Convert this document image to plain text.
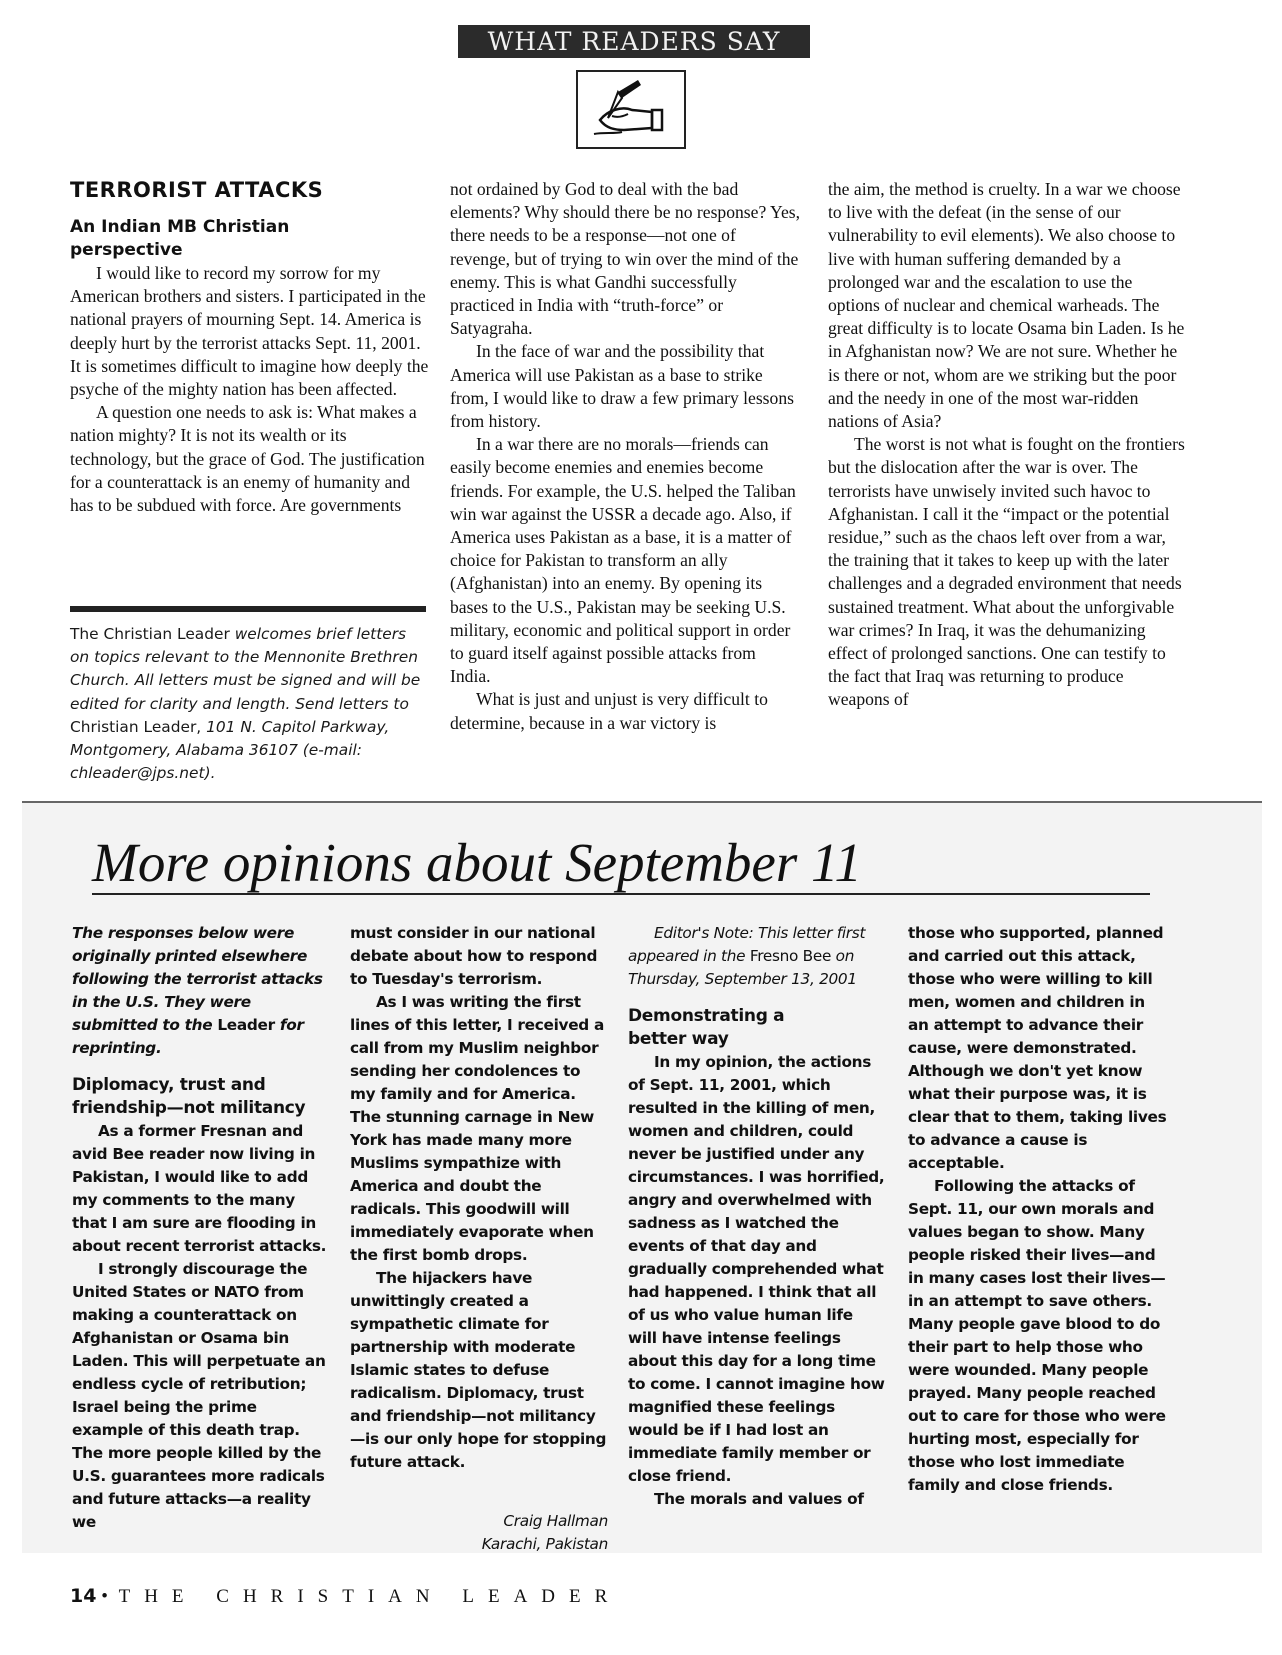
WHAT READERS SAY
TERRORIST ATTACKS
An Indian MB Christian perspective

I would like to record my sorrow for my American brothers and sisters. I participated in the national prayers of mourning Sept. 14. America is deeply hurt by the terrorist attacks Sept. 11, 2001. It is sometimes difficult to imagine how deeply the psyche of the mighty nation has been affected.

A question one needs to ask is: What makes a nation mighty? It is not its wealth or its technology, but the grace of God. The justification for a counterattack is an enemy of humanity and has to be subdued with force. Are governments

The Christian Leader welcomes brief letters on topics relevant to the Mennonite Brethren Church. All letters must be signed and will be edited for clarity and length. Send letters to Christian Leader, 101 N. Capitol Parkway, Montgomery, Alabama 36107 (e-mail: chleader@jps.net).

not ordained by God to deal with the bad elements? Why should there be no response? Yes, there needs to be a response—not one of revenge, but of trying to win over the mind of the enemy. This is what Gandhi successfully practiced in India with “truth-force” or Satyagraha.

In the face of war and the possibility that America will use Pakistan as a base to strike from, I would like to draw a few primary lessons from history.

In a war there are no morals—friends can easily become enemies and enemies become friends. For example, the U.S. helped the Taliban win war against the USSR a decade ago. Also, if America uses Pakistan as a base, it is a matter of choice for Pakistan to transform an ally (Afghanistan) into an enemy. By opening its bases to the U.S., Pakistan may be seeking U.S. military, economic and political support in order to guard itself against possible attacks from India.

What is just and unjust is very difficult to determine, because in a war victory is

the aim, the method is cruelty. In a war we choose to live with the defeat (in the sense of our vulnerability to evil elements). We also choose to live with human suffering demanded by a prolonged war and the escalation to use the options of nuclear and chemical warheads. The great difficulty is to locate Osama bin Laden. Is he in Afghanistan now? We are not sure. Whether he is there or not, whom are we striking but the poor and the needy in one of the most war-ridden nations of Asia?

The worst is not what is fought on the frontiers but the dislocation after the war is over. The terrorists have unwisely invited such havoc to Afghanistan. I call it the “impact or the potential residue,” such as the chaos left over from a war, the training that it takes to keep up with the later challenges and a degraded environment that needs sustained treatment. What about the unforgivable war crimes? In Iraq, it was the dehumanizing effect of prolonged sanctions. One can testify to the fact that Iraq was returning to produce weapons of

More opinions about September 11

The responses below were originally printed elsewhere following the terrorist attacks in the U.S. They were submitted to the Leader for reprinting.

Diplomacy, trust and friendship—not militancy

As a former Fresnan and avid Bee reader now living in Pakistan, I would like to add my comments to the many that I am sure are flooding in about recent terrorist attacks.

I strongly discourage the United States or NATO from making a counterattack on Afghanistan or Osama bin Laden. This will perpetuate an endless cycle of retribution; Israel being the prime example of this death trap. The more people killed by the U.S. guarantees more radicals and future attacks—a reality we

must consider in our national debate about how to respond to Tuesday's terrorism.

As I was writing the first lines of this letter, I received a call from my Muslim neighbor sending her condolences to my family and for America. The stunning carnage in New York has made many more Muslims sympathize with America and doubt the radicals. This goodwill will immediately evaporate when the first bomb drops.

The hijackers have unwittingly created a sympathetic climate for partnership with moderate Islamic states to defuse radicalism. Diplomacy, trust and friendship—not militancy—is our only hope for stopping future attack.

Craig Hallman
Karachi, Pakistan

Editor's Note: This letter first appeared in the Fresno Bee on Thursday, September 13, 2001

Demonstrating a better way

In my opinion, the actions of Sept. 11, 2001, which resulted in the killing of men, women and children, could never be justified under any circumstances. I was horrified, angry and overwhelmed with sadness as I watched the events of that day and gradually comprehended what had happened. I think that all of us who value human life will have intense feelings about this day for a long time to come. I cannot imagine how magnified these feelings would be if I had lost an immediate family member or close friend.

The morals and values of

those who supported, planned and carried out this attack, those who were willing to kill men, women and children in an attempt to advance their cause, were demonstrated. Although we don't yet know what their purpose was, it is clear that to them, taking lives to advance a cause is acceptable.

Following the attacks of Sept. 11, our own morals and values began to show. Many people risked their lives—and in many cases lost their lives—in an attempt to save others. Many people gave blood to do their part to help those who were wounded. Many people prayed. Many people reached out to care for those who were hurting most, especially for those who lost immediate family and close friends.

14 • THE CHRISTIAN LEADER
